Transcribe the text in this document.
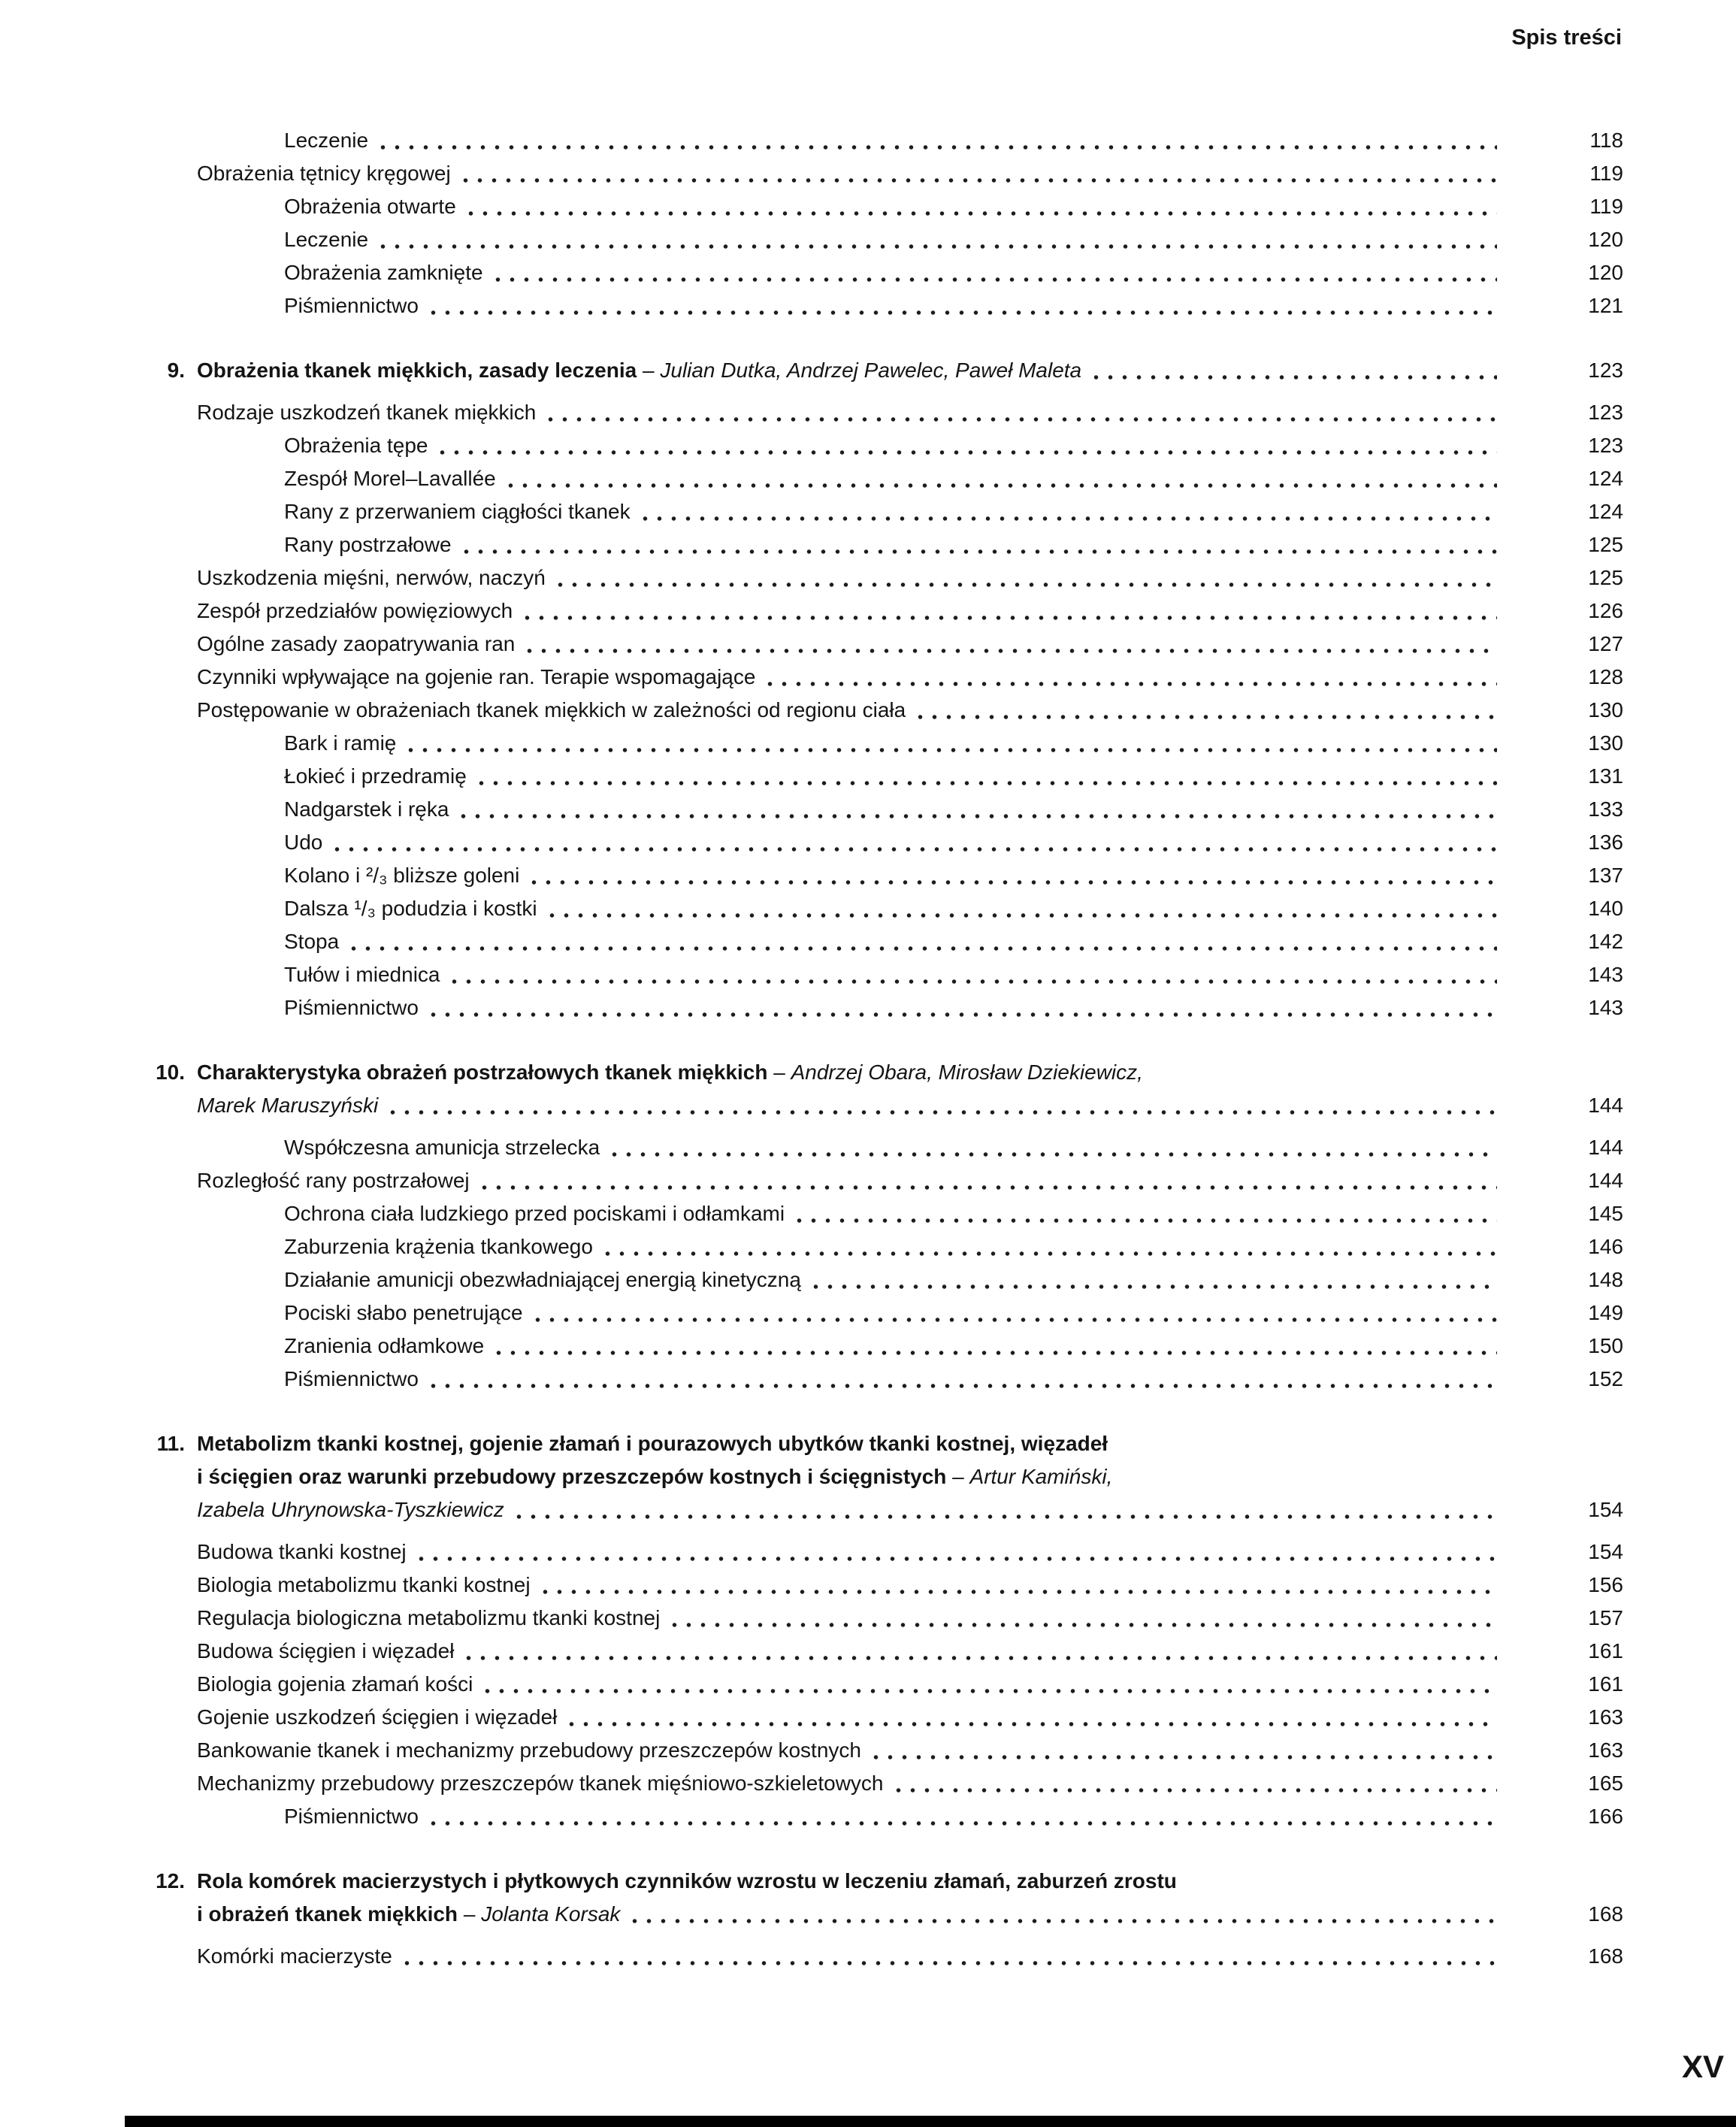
Spis treści
Leczenie	118
Obrażenia tętnicy kręgowej	119
Obrażenia otwarte	119
Leczenie	120
Obrażenia zamknięte	120
Piśmiennictwo	121
9. Obrażenia tkanek miękkich, zasady leczenia – Julian Dutka, Andrzej Pawelec, Paweł Maleta	123
Rodzaje uszkodzeń tkanek miękkich	123
Obrażenia tępe	123
Zespół Morel–Lavallée	124
Rany z przerwaniem ciągłości tkanek	124
Rany postrzałowe	125
Uszkodzenia mięśni, nerwów, naczyń	125
Zespół przedziałów powięziowych	126
Ogólne zasady zaopatrywania ran	127
Czynniki wpływające na gojenie ran. Terapie wspomagające	128
Postępowanie w obrażeniach tkanek miękkich w zależności od regionu ciała	130
Bark i ramię	130
Łokieć i przedramię	131
Nadgarstek i ręka	133
Udo	136
Kolano i ²/₃ bliższe goleni	137
Dalsza ¹/₃ podudzia i kostki	140
Stopa	142
Tułów i miednica	143
Piśmiennictwo	143
10. Charakterystyka obrażeń postrzałowych tkanek miękkich – Andrzej Obara, Mirosław Dziekiewicz,
Marek Maruszyński	144
Współczesna amunicja strzelecka	144
Rozległość rany postrzałowej	144
Ochrona ciała ludzkiego przed pociskami i odłamkami	145
Zaburzenia krążenia tkankowego	146
Działanie amunicji obezwładniającej energią kinetyczną	148
Pociski słabo penetrujące	149
Zranienia odłamkowe	150
Piśmiennictwo	152
11. Metabolizm tkanki kostnej, gojenie złamań i pourazowych ubytków tkanki kostnej, więzadeł
i ścięgien oraz warunki przebudowy przeszczepów kostnych i ścięgnistych – Artur Kamiński,
Izabela Uhrynowska-Tyszkiewicz	154
Budowa tkanki kostnej	154
Biologia metabolizmu tkanki kostnej	156
Regulacja biologiczna metabolizmu tkanki kostnej	157
Budowa ścięgien i więzadeł	161
Biologia gojenia złamań kości	161
Gojenie uszkodzeń ścięgien i więzadeł	163
Bankowanie tkanek i mechanizmy przebudowy przeszczepów kostnych	163
Mechanizmy przebudowy przeszczepów tkanek mięśniowo-szkieletowych	165
Piśmiennictwo	166
12. Rola komórek macierzystych i płytkowych czynników wzrostu w leczeniu złamań, zaburzeń zrostu
i obrażeń tkanek miękkich – Jolanta Korsak	168
Komórki macierzyste	168
XV
